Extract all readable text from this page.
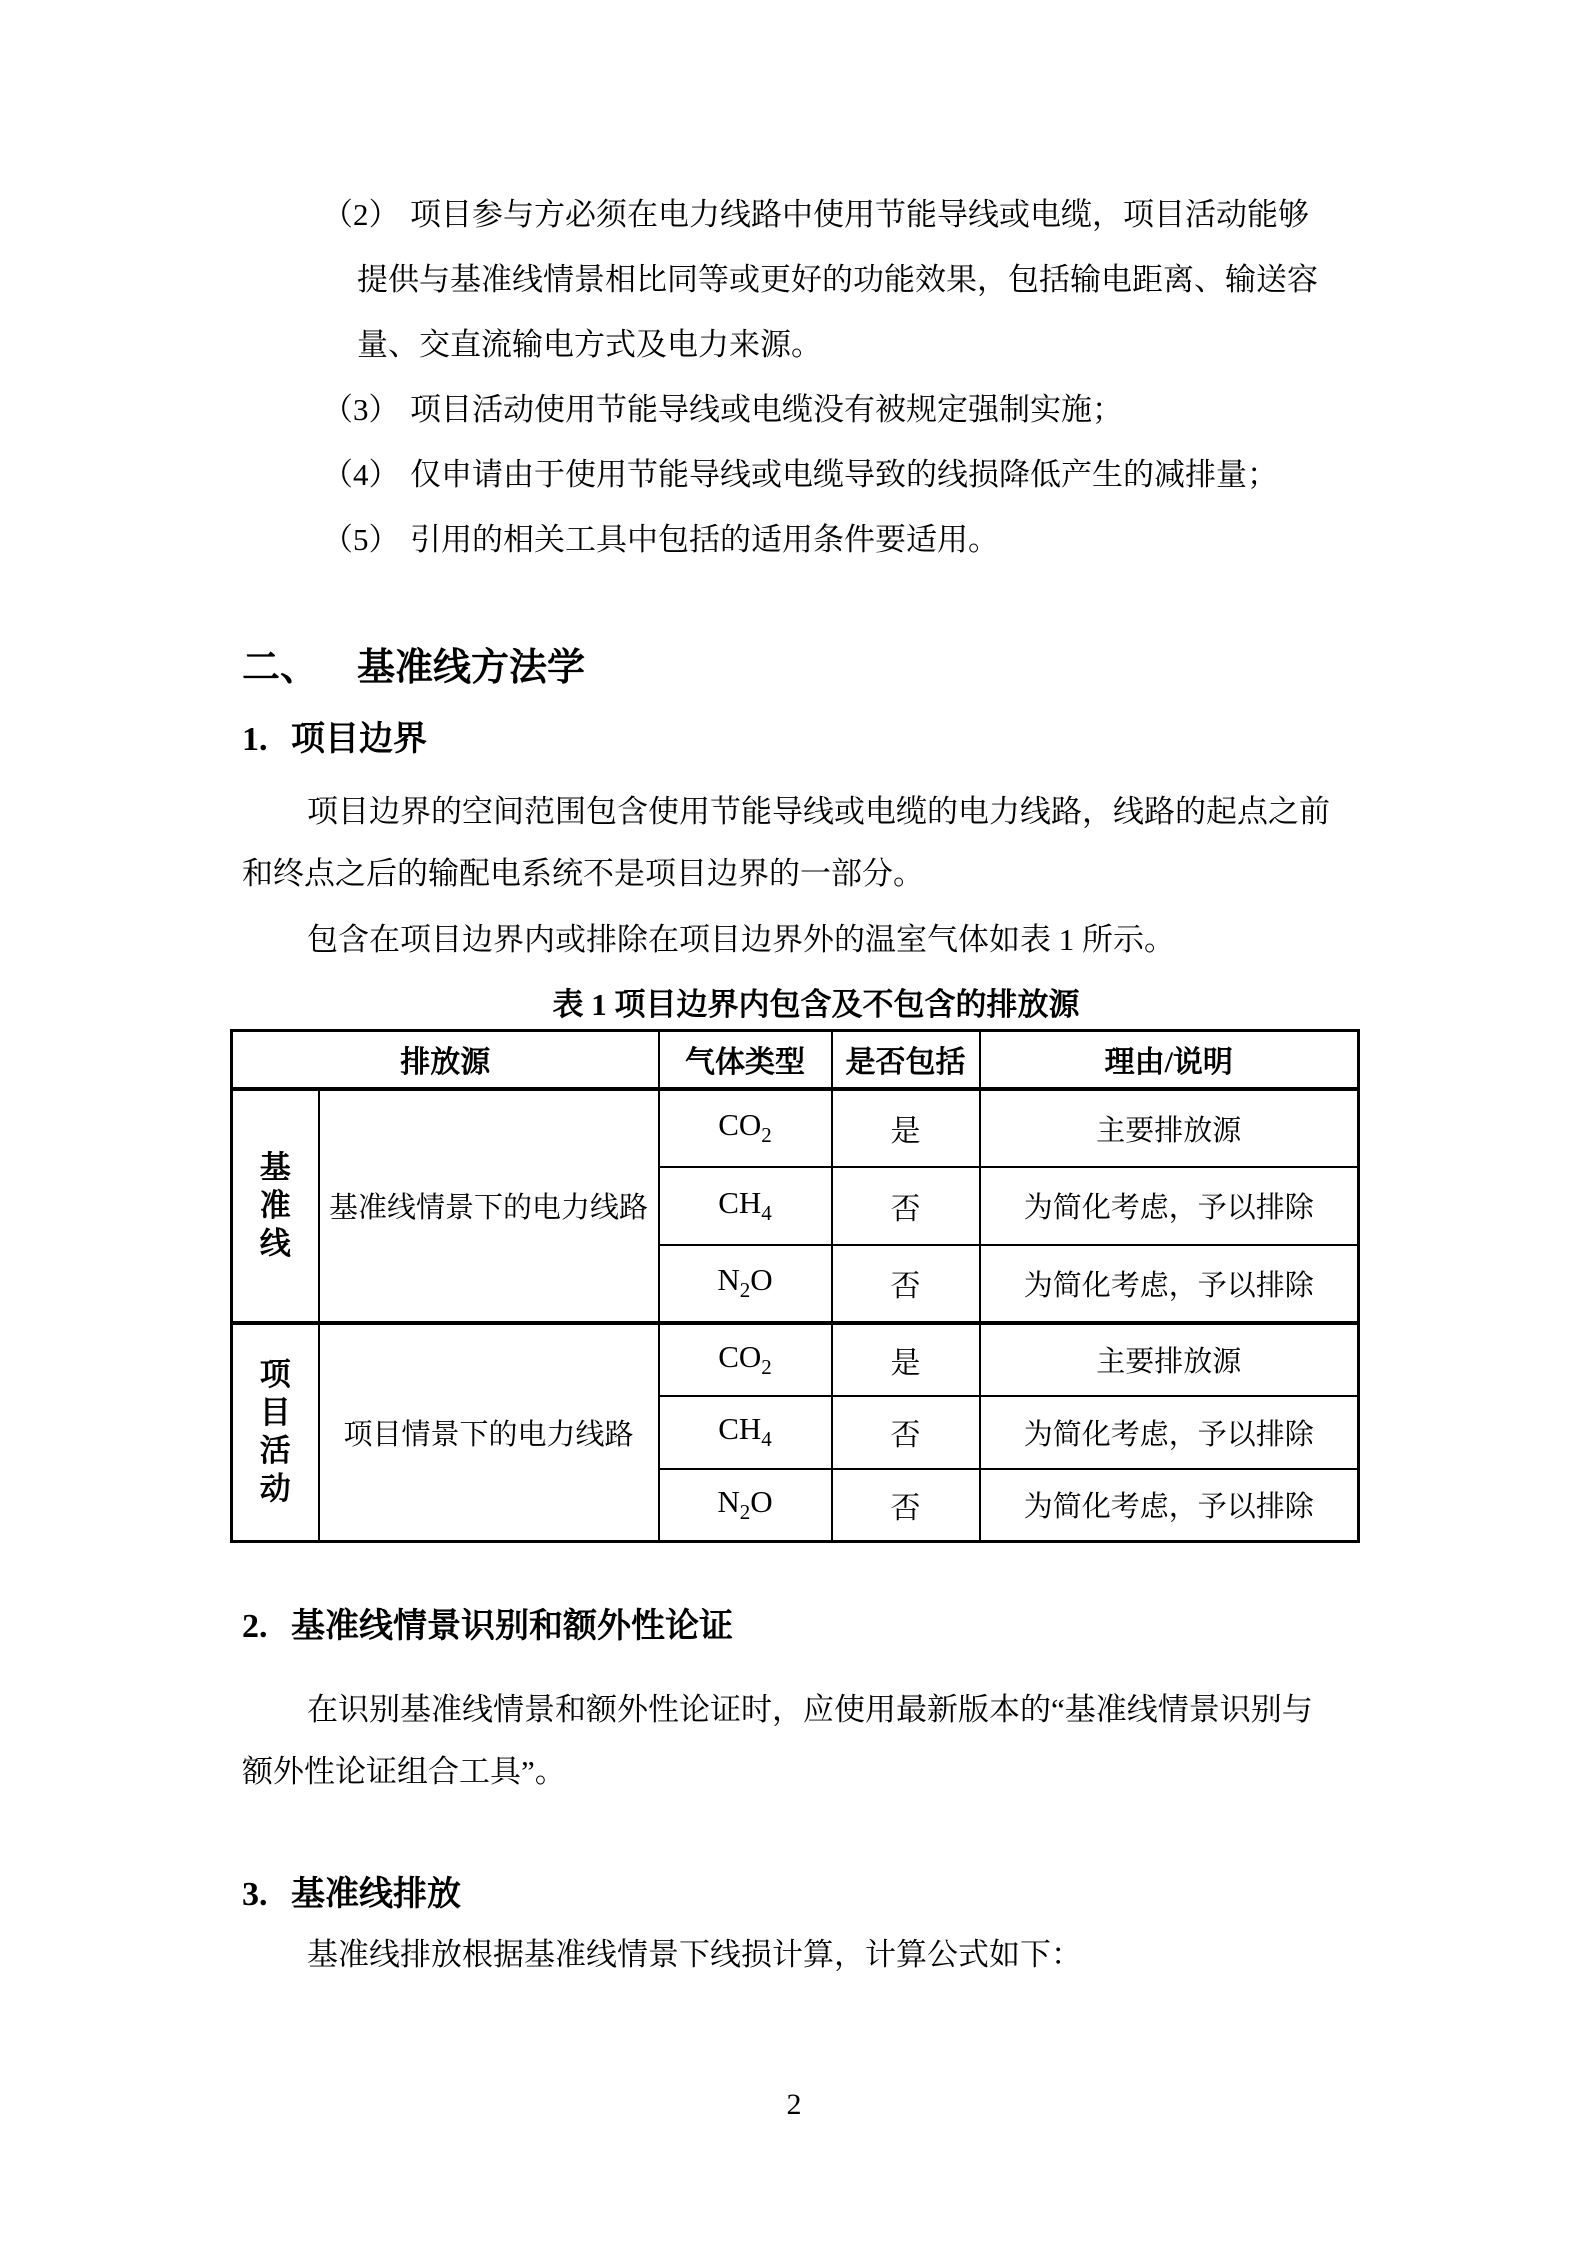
（2） 项目参与方必须在电力线路中使用节能导线或电缆，项目活动能够
提供与基准线情景相比同等或更好的功能效果，包括输电距离、输送容
量、交直流输电方式及电力来源。
（3） 项目活动使用节能导线或电缆没有被规定强制实施；
（4） 仅申请由于使用节能导线或电缆导致的线损降低产生的减排量；
（5） 引用的相关工具中包括的适用条件要适用。
二、 基准线方法学
1. 项目边界
项目边界的空间范围包含使用节能导线或电缆的电力线路，线路的起点之前
和终点之后的输配电系统不是项目边界的一部分。
包含在项目边界内或排除在项目边界外的温室气体如表 1 所示。
表 1 项目边界内包含及不包含的排放源
排放源		气体类型	是否包括	理由/说明
基准线	基准线情景下的电力线路	$CO_2$	是	主要排放源
		$CH_4$	否	为简化考虑，予以排除
		$N_2O$	否	为简化考虑，予以排除
项目活动	项目情景下的电力线路	$CO_2$	是	主要排放源
		$CH_4$	否	为简化考虑，予以排除
		$N_2O$	否	为简化考虑，予以排除
2. 基准线情景识别和额外性论证
在识别基准线情景和额外性论证时，应使用最新版本的“基准线情景识别与
额外性论证组合工具”。
3. 基准线排放
基准线排放根据基准线情景下线损计算，计算公式如下：
2
